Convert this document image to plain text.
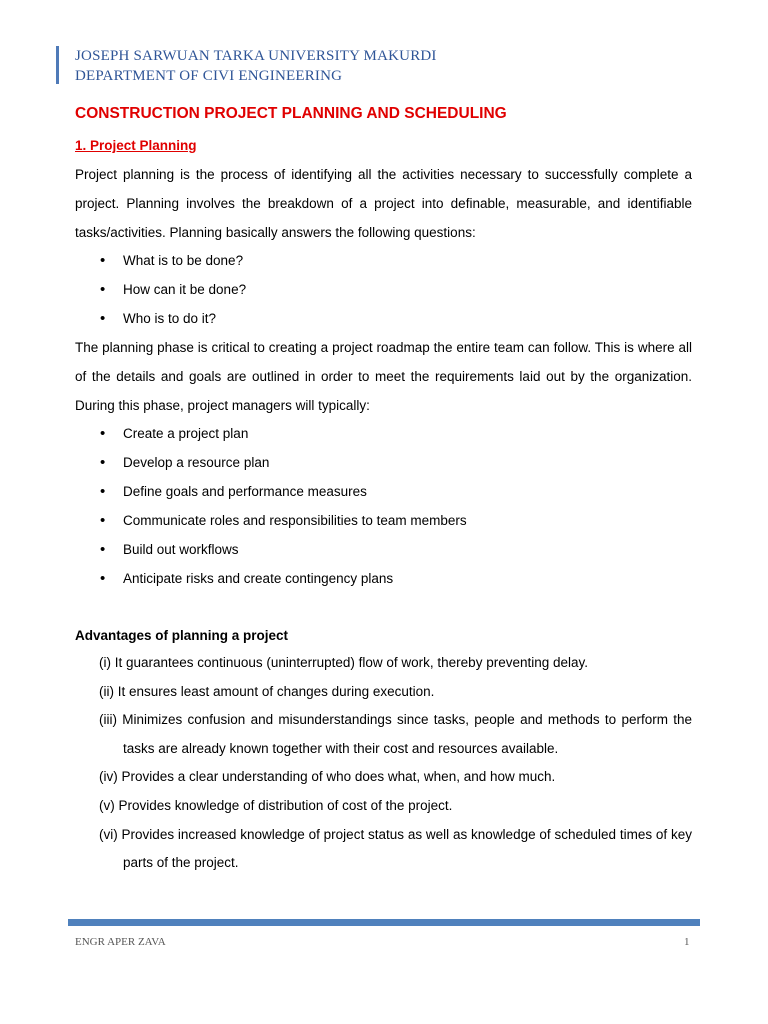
JOSEPH SARWUAN TARKA UNIVERSITY MAKURDI
DEPARTMENT OF CIVI ENGINEERING
CONSTRUCTION PROJECT PLANNING AND SCHEDULING
1. Project Planning

Project planning is the process of identifying all the activities necessary to successfully complete a project. Planning involves the breakdown of a project into definable, measurable, and identifiable tasks/activities. Planning basically answers the following questions:

• What is to be done?
• How can it be done?
• Who is to do it?

The planning phase is critical to creating a project roadmap the entire team can follow. This is where all of the details and goals are outlined in order to meet the requirements laid out by the organization. During this phase, project managers will typically:

• Create a project plan
• Develop a resource plan
• Define goals and performance measures
• Communicate roles and responsibilities to team members
• Build out workflows
• Anticipate risks and create contingency plans
Advantages of planning a project
(i) It guarantees continuous (uninterrupted) flow of work, thereby preventing delay.
(ii) It ensures least amount of changes during execution.
(iii) Minimizes confusion and misunderstandings since tasks, people and methods to perform the tasks are already known together with their cost and resources available.
(iv) Provides a clear understanding of who does what, when, and how much.
(v) Provides knowledge of distribution of cost of the project.
(vi) Provides increased knowledge of project status as well as knowledge of scheduled times of key parts of the project.
ENGR APER ZAVA	1
